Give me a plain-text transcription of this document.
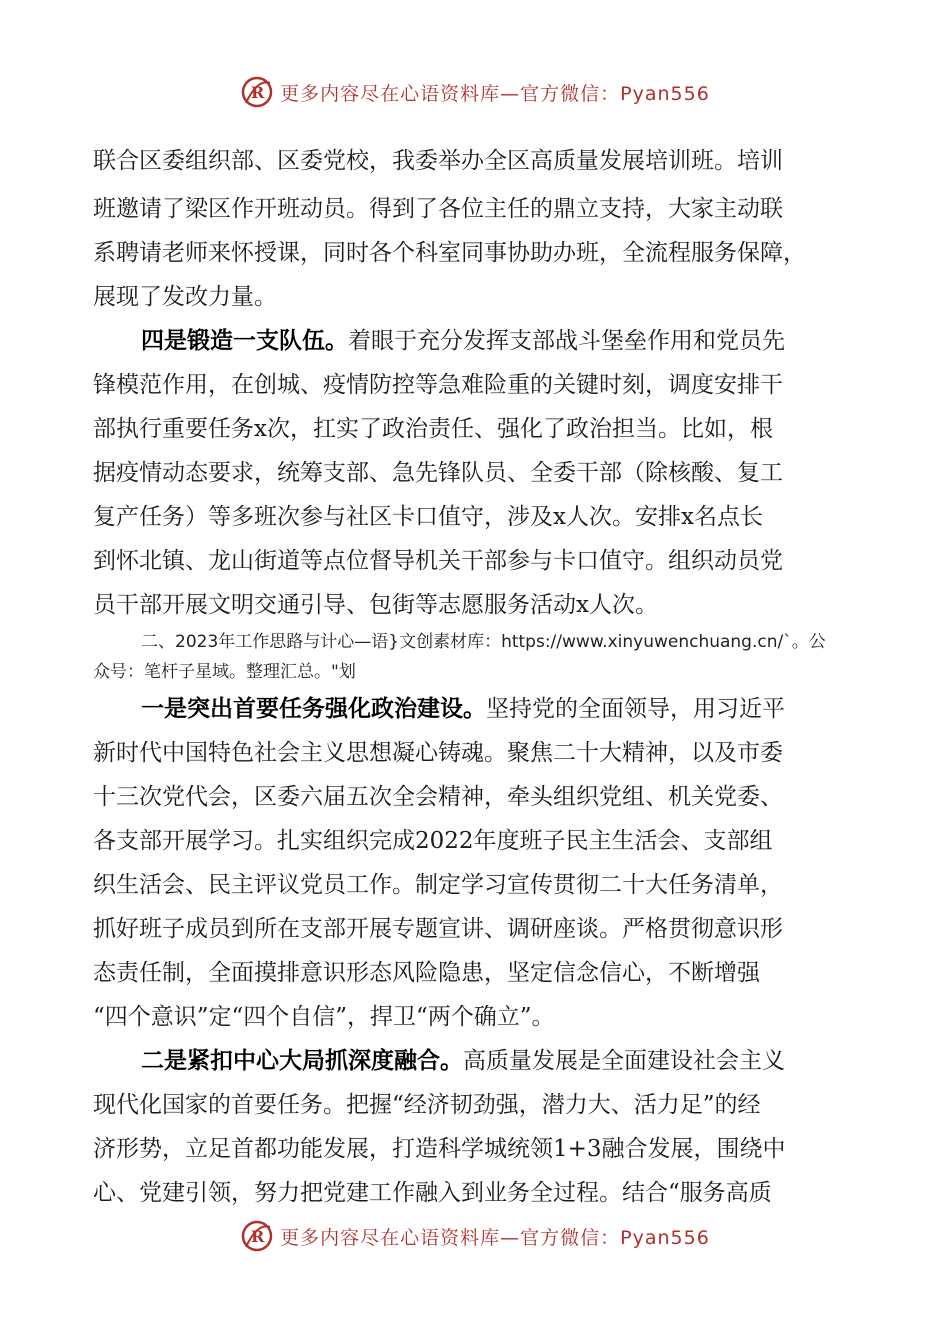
R 更多内容尽在心语资料库—官方微信：Pyan556
联合区委组织部、区委党校，我委举办全区高质量发展培训班。培训
班邀请了梁区作开班动员。得到了各位主任的鼎立支持，大家主动联
系聘请老师来怀授课，同时各个科室同事协助办班，全流程服务保障，
展现了发改力量。
四是锻造一支队伍。着眼于充分发挥支部战斗堡垒作用和党员先
锋模范作用，在创城、疫情防控等急难险重的关键时刻，调度安排干
部执行重要任务x次，扛实了政治责任、强化了政治担当。比如，根
据疫情动态要求，统筹支部、急先锋队员、全委干部（除核酸、复工
复产任务）等多班次参与社区卡口值守，涉及x人次。安排x名点长
到怀北镇、龙山街道等点位督导机关干部参与卡口值守。组织动员党
员干部开展文明交通引导、包街等志愿服务活动x人次。
二、2023年工作思路与计心—语}文创素材库：https://www.xinyuwenchuang.cn/`。公
众号：笔杆子星域。整理汇总。"划
一是突出首要任务强化政治建设。坚持党的全面领导，用习近平
新时代中国特色社会主义思想凝心铸魂。聚焦二十大精神，以及市委
十三次党代会，区委六届五次全会精神，牵头组织党组、机关党委、
各支部开展学习。扎实组织完成2022年度班子民主生活会、支部组
织生活会、民主评议党员工作。制定学习宣传贯彻二十大任务清单，
抓好班子成员到所在支部开展专题宣讲、调研座谈。严格贯彻意识形
态责任制，全面摸排意识形态风险隐患，坚定信念信心，不断增强
“四个意识”定“四个自信”，捍卫“两个确立”。
二是紧扣中心大局抓深度融合。高质量发展是全面建设社会主义
现代化国家的首要任务。把握“经济韧劲强，潜力大、活力足”的经
济形势，立足首都功能发展，打造科学城统领1+3融合发展，围绕中
心、党建引领，努力把党建工作融入到业务全过程。结合“服务高质
R 更多内容尽在心语资料库—官方微信：Pyan556
